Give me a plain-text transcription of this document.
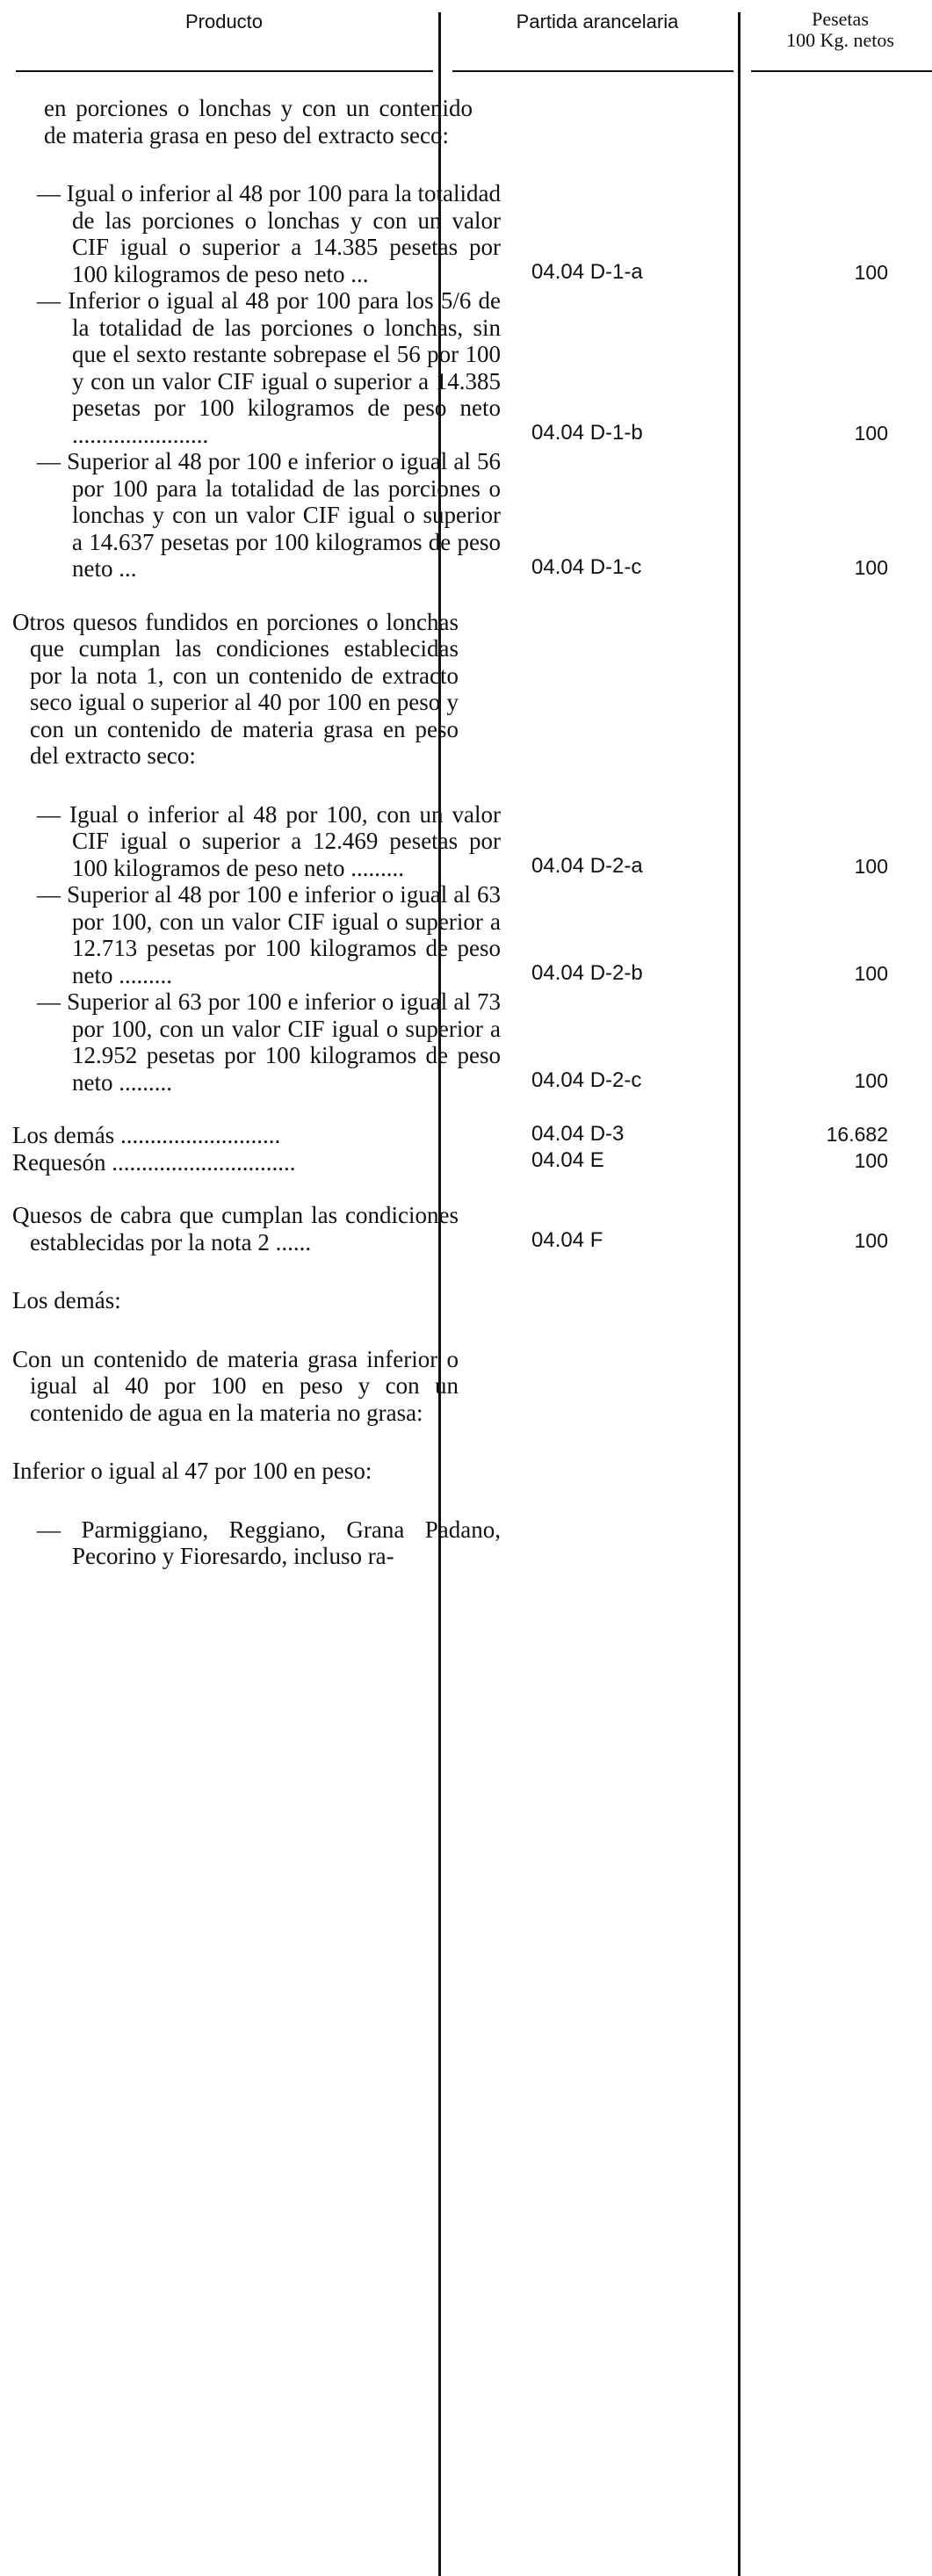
Producto	Partida arancelaria	Pesetas
100 Kg. netos
en porciones o lonchas y con un contenido de materia grasa en peso del extracto seco:
— Igual o inferior al 48 por 100 para la totalidad de las porciones o lonchas y con un valor CIF igual o superior a 14.385 pesetas por 100 kilogramos de peso neto ...	04.04 D-1-a	100
— Inferior o igual al 48 por 100 para los 5/6 de la totalidad de las porciones o lonchas, sin que el sexto restante sobrepase el 56 por 100 y con un valor CIF igual o superior a 14.385 pesetas por 100 kilogramos de peso neto .......................	04.04 D-1-b	100
— Superior al 48 por 100 e inferior o igual al 56 por 100 para la totalidad de las porciones o lonchas y con un valor CIF igual o superior a 14.637 pesetas por 100 kilogramos de peso neto ...	04.04 D-1-c	100
Otros quesos fundidos en porciones o lonchas que cumplan las condiciones establecidas por la nota 1, con un contenido de extracto seco igual o superior al 40 por 100 en peso y con un contenido de materia grasa en peso del extracto seco:
— Igual o inferior al 48 por 100, con un valor CIF igual o superior a 12.469 pesetas por 100 kilogramos de peso neto .........	04.04 D-2-a	100
— Superior al 48 por 100 e inferior o igual al 63 por 100, con un valor CIF igual o superior a 12.713 pesetas por 100 kilogramos de peso neto .........	04.04 D-2-b	100
— Superior al 63 por 100 e inferior o igual al 73 por 100, con un valor CIF igual o superior a 12.952 pesetas por 100 kilogramos de peso neto .........	04.04 D-2-c	100
Los demás ...........................	04.04 D-3	16.682
Requesón ...............................	04.04 E	100
Quesos de cabra que cumplan las condiciones establecidas por la nota 2 ......	04.04 F	100
Los demás:
Con un contenido de materia grasa inferior o igual al 40 por 100 en peso y con un contenido de agua en la materia no grasa:
Inferior o igual al 47 por 100 en peso:
— Parmiggiano, Reggiano, Grana Padano, Pecorino y Fioresardo, incluso ra-
